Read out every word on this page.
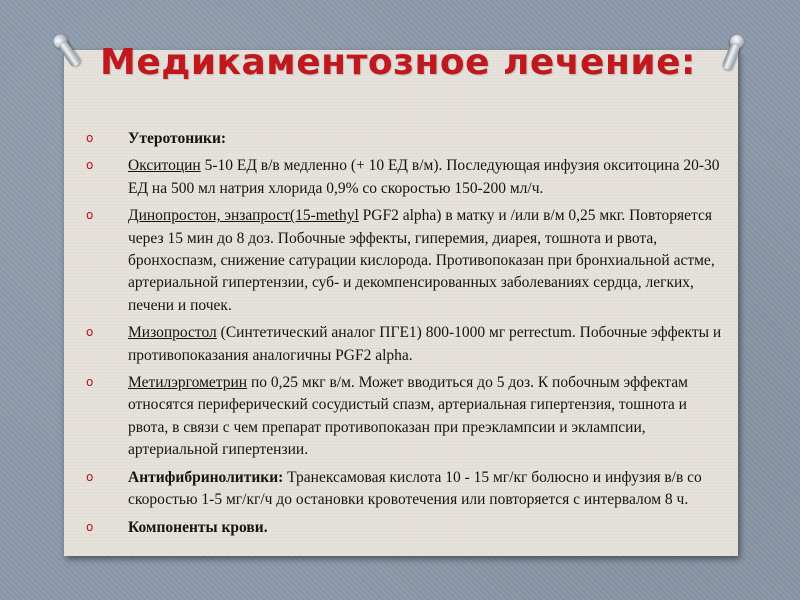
Медикаментозное лечение:
o Утеротоники:
o Окситоцин 5-10 ЕД в/в медленно (+ 10 ЕД в/м). Последующая инфузия окситоцина 20-30 ЕД на 500 мл натрия хлорида 0,9% со скоростью 150-200 мл/ч.
o Динопростон, энзапрост(15-methyl PGF2 alpha) в матку и /или в/м 0,25 мкг. Повторяется через 15 мин до 8 доз. Побочные эффекты, гиперемия, диарея, тошнота и рвота, бронхоспазм, снижение сатурации кислорода. Противопоказан при бронхиальной астме, артериальной гипертензии, суб- и декомпенсированных заболеваниях сердца, легких, печени и почек.
o Мизопростол (Синтетический аналог ПГЕ1) 800-1000 мг perrectum. Побочные эффекты и противопоказания аналогичны PGF2 alpha.
o Метилэргометрин по 0,25 мкг в/м. Может вводиться до 5 доз. К побочным эффектам относятся периферический сосудистый спазм, артериальная гипертензия, тошнота и рвота, в связи с чем препарат противопоказан при преэклампсии и эклампсии, артериальной гипертензии.
o Антифибринолитики: Транексамовая кислота 10 - 15 мг/кг болюсно и инфузия в/в со скоростью 1-5 мг/кг/ч до остановки кровотечения или повторяется с интервалом 8 ч.
o Компоненты крови.
